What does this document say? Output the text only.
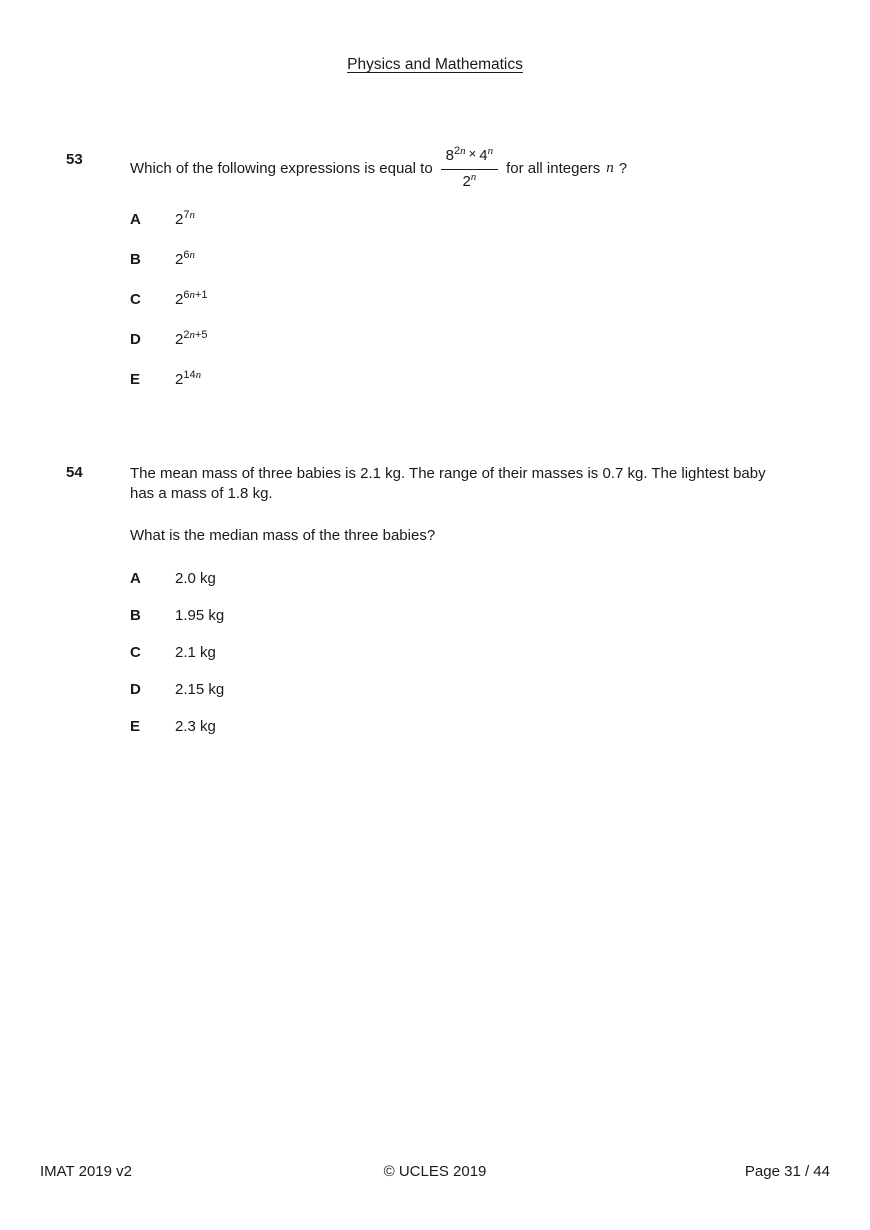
Physics and Mathematics
53	Which of the following expressions is equal to $\frac{8^{2n} \times 4^n}{2^n}$ for all integers n ?
A	$2^{7n}$
B	$2^{6n}$
C	$2^{6n+1}$
D	$2^{2n+5}$
E	$2^{14n}$
54	The mean mass of three babies is 2.1 kg. The range of their masses is 0.7 kg. The lightest baby
has a mass of 1.8 kg.
What is the median mass of the three babies?
A	2.0 kg
B	1.95 kg
C	2.1 kg
D	2.15 kg
E	2.3 kg
IMAT 2019 v2	© UCLES 2019	Page 31 / 44
